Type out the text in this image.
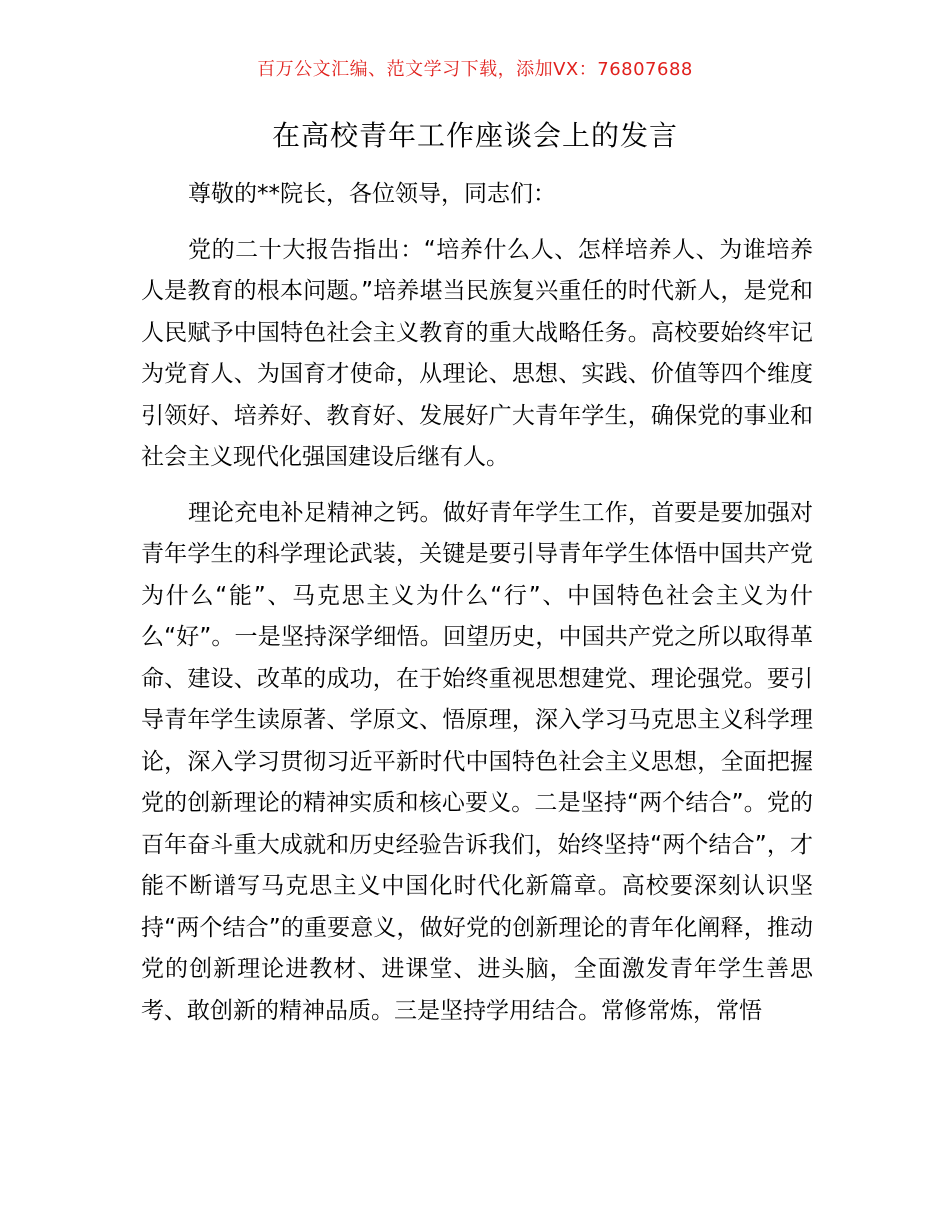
百万公文汇编、范文学习下载，添加VX：76807688
在高校青年工作座谈会上的发言

尊敬的**院长，各位领导，同志们：

党的二十大报告指出：“培养什么人、怎样培养人、为谁培养人是教育的根本问题。”培养堪当民族复兴重任的时代新人，是党和人民赋予中国特色社会主义教育的重大战略任务。高校要始终牢记为党育人、为国育才使命，从理论、思想、实践、价值等四个维度引领好、培养好、教育好、发展好广大青年学生，确保党的事业和社会主义现代化强国建设后继有人。

理论充电补足精神之钙。做好青年学生工作，首要是要加强对青年学生的科学理论武装，关键是要引导青年学生体悟中国共产党为什么“能”、马克思主义为什么“行”、中国特色社会主义为什么“好”。一是坚持深学细悟。回望历史，中国共产党之所以取得革命、建设、改革的成功，在于始终重视思想建党、理论强党。要引导青年学生读原著、学原文、悟原理，深入学习马克思主义科学理论，深入学习贯彻习近平新时代中国特色社会主义思想，全面把握党的创新理论的精神实质和核心要义。二是坚持“两个结合”。党的百年奋斗重大成就和历史经验告诉我们，始终坚持“两个结合”，才能不断谱写马克思主义中国化时代化新篇章。高校要深刻认识坚持“两个结合”的重要意义，做好党的创新理论的青年化阐释，推动党的创新理论进教材、进课堂、进头脑，全面激发青年学生善思考、敢创新的精神品质。三是坚持学用结合。常修常炼，常悟
